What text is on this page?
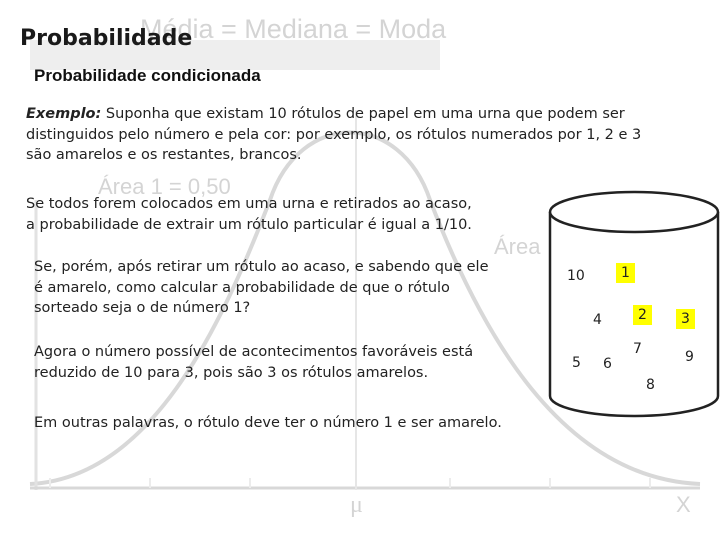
Média = Mediana = Moda
Área 1 = 0,50
Área
μ	X
Probabilidade
Probabilidade condicionada
Exemplo: Suponha que existam 10 rótulos de papel em uma urna que podem ser
distinguidos pelo número e pela cor: por exemplo, os rótulos numerados por 1, 2 e 3
são amarelos e os restantes, brancos.
Se todos forem colocados em uma urna e retirados ao acaso,
a probabilidade de extrair um rótulo particular é igual a 1/10.
Se, porém, após retirar um rótulo ao acaso, e sabendo que ele
é amarelo, como calcular a probabilidade de que o rótulo
sorteado seja o de número 1?
Agora o número possível de acontecimentos favoráveis está
reduzido de 10 para 3, pois são 3 os rótulos amarelos.
Em outras palavras, o rótulo deve ter o número 1 e ser amarelo.
10	1
4	2	3
5	6
7	9
8
